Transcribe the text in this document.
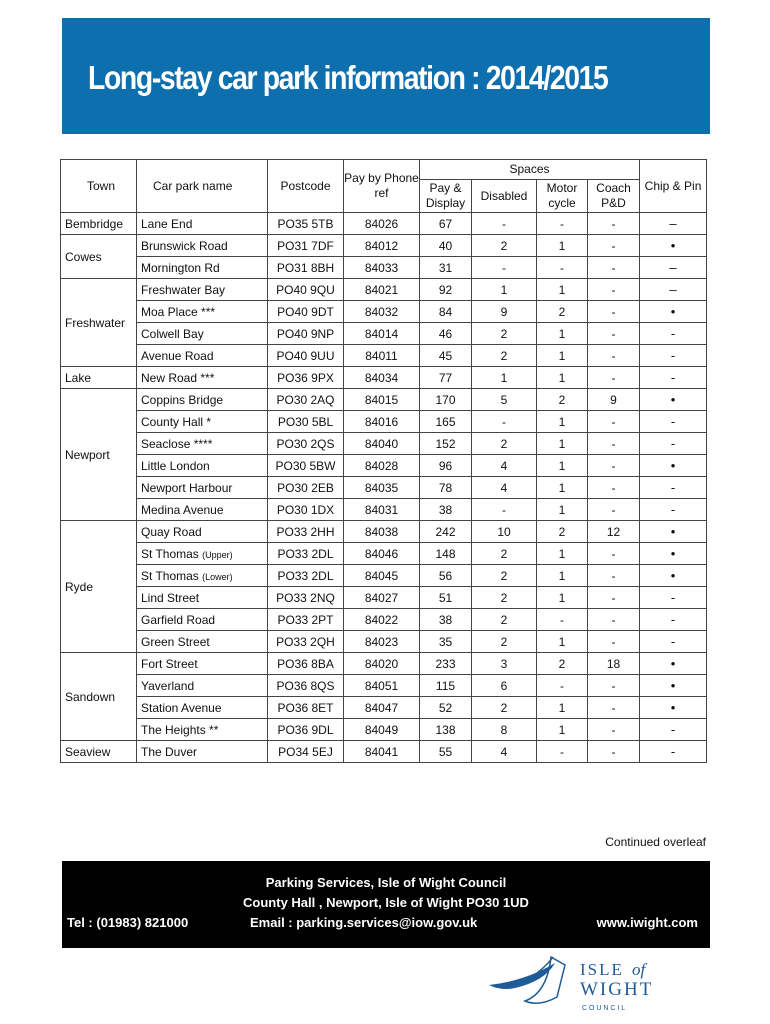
Long-stay car park information : 2014/2015
Town	Car park name	Postcode	Pay by Phone ref	Spaces				Chip & Pin
				Pay & Display	Disabled	Motor cycle	Coach P&D	
Bembridge	Lane End	PO35 5TB	84026	67	-	-	-	–
Cowes	Brunswick Road	PO31 7DF	84012	40	2	1	-	•
	Mornington Rd	PO31 8BH	84033	31	-	-	-	–
Freshwater	Freshwater Bay	PO40 9QU	84021	92	1	1	-	–
	Moa Place ***	PO40 9DT	84032	84	9	2	-	•
	Colwell Bay	PO40 9NP	84014	46	2	1	-	-
	Avenue Road	PO40 9UU	84011	45	2	1	-	-
Lake	New Road ***	PO36 9PX	84034	77	1	1	-	-
Newport	Coppins Bridge	PO30 2AQ	84015	170	5	2	9	•
	County Hall *	PO30 5BL	84016	165	-	1	-	-
	Seaclose ****	PO30 2QS	84040	152	2	1	-	-
	Little London	PO30 5BW	84028	96	4	1	-	•
	Newport Harbour	PO30 2EB	84035	78	4	1	-	-
	Medina Avenue	PO30 1DX	84031	38	-	1	-	-
Ryde	Quay Road	PO33 2HH	84038	242	10	2	12	•
	St Thomas (Upper)	PO33 2DL	84046	148	2	1	-	•
	St Thomas (Lower)	PO33 2DL	84045	56	2	1	-	•
	Lind Street	PO33 2NQ	84027	51	2	1	-	-
	Garfield Road	PO33 2PT	84022	38	2	-	-	-
	Green Street	PO33 2QH	84023	35	2	1	-	-
Sandown	Fort Street	PO36 8BA	84020	233	3	2	18	•
	Yaverland	PO36 8QS	84051	115	6	-	-	•
	Station Avenue	PO36 8ET	84047	52	2	1	-	•
	The Heights **	PO36 9DL	84049	138	8	1	-	-
Seaview	The Duver	PO34 5EJ	84041	55	4	-	-	-
Continued overleaf
Parking Services, Isle of Wight Council
County Hall , Newport, Isle of Wight PO30 1UD
Tel : (01983) 821000	Email : parking.services@iow.gov.uk	www.iwight.com
ISLE of
WIGHT
C O U N C I L
